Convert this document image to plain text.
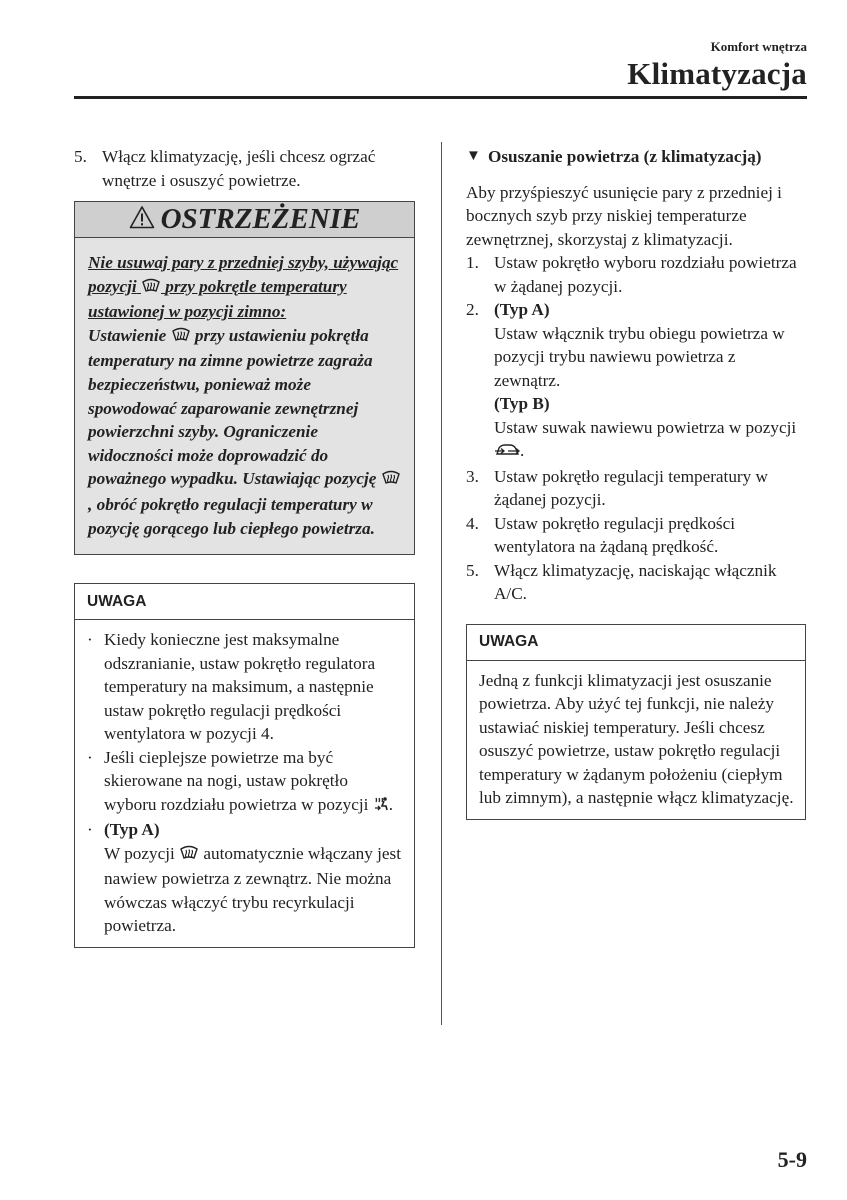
Komfort wnętrza
Klimatyzacja
5. Włącz klimatyzację, jeśli chcesz ogrzać wnętrze i osuszyć powietrze.
OSTRZEŻENIE
Nie usuwaj pary z przedniej szyby, używając pozycji przy pokrętle temperatury ustawionej w pozycji zimno:
Ustawienie przy ustawieniu pokrętła temperatury na zimne powietrze zagraża bezpieczeństwu, ponieważ może spowodować zaparowanie zewnętrznej powierzchni szyby. Ograniczenie widoczności może doprowadzić do poważnego wypadku. Ustawiając pozycję , obróć pokrętło regulacji temperatury w pozycję gorącego lub ciepłego powietrza.
UWAGA
· Kiedy konieczne jest maksymalne odszranianie, ustaw pokrętło regulatora temperatury na maksimum, a następnie ustaw pokrętło regulacji prędkości wentylatora w pozycji 4.
· Jeśli cieplejsze powietrze ma być skierowane na nogi, ustaw pokrętło wyboru rozdziału powietrza w pozycji .
· (Typ A)
W pozycji automatycznie włączany jest nawiew powietrza z zewnątrz. Nie można wówczas włączyć trybu recyrkulacji powietrza.
▼ Osuszanie powietrza (z klimatyzacją)

Aby przyśpieszyć usunięcie pary z przedniej i bocznych szyb przy niskiej temperaturze zewnętrznej, skorzystaj z klimatyzacji.

1. Ustaw pokrętło wyboru rozdziału powietrza w żądanej pozycji.
2. (Typ A)
Ustaw włącznik trybu obiegu powietrza w pozycji trybu nawiewu powietrza z zewnątrz.
(Typ B)
Ustaw suwak nawiewu powietrza w pozycji .
3. Ustaw pokrętło regulacji temperatury w żądanej pozycji.
4. Ustaw pokrętło regulacji prędkości wentylatora na żądaną prędkość.
5. Włącz klimatyzację, naciskając włącznik A/C.
UWAGA
Jedną z funkcji klimatyzacji jest osuszanie powietrza. Aby użyć tej funkcji, nie należy ustawiać niskiej temperatury. Jeśli chcesz osuszyć powietrze, ustaw pokrętło regulacji temperatury w żądanym położeniu (ciepłym lub zimnym), a następnie włącz klimatyzację.
5-9
